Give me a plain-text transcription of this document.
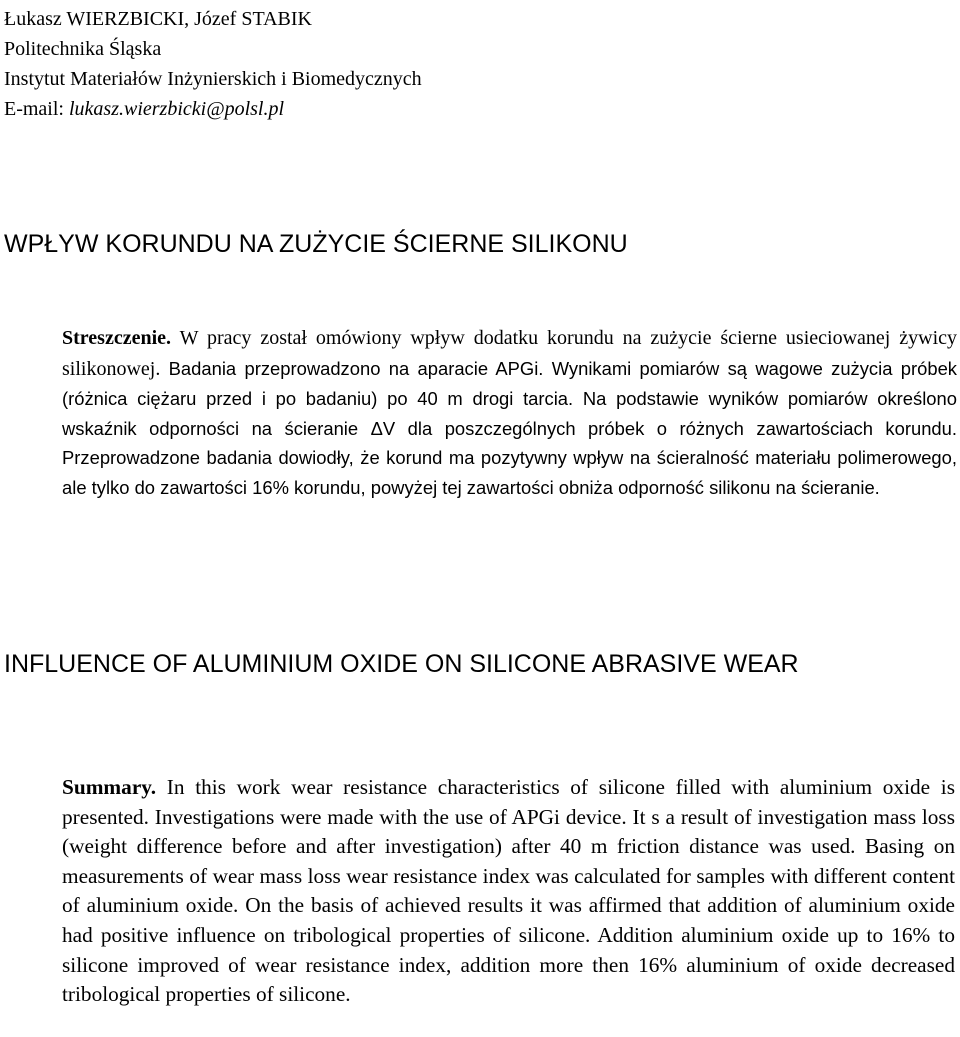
Łukasz WIERZBICKI, Józef STABIK
Politechnika Śląska
Instytut Materiałów Inżynierskich i Biomedycznych
E-mail: lukasz.wierzbicki@polsl.pl
WPŁYW KORUNDU NA ZUŻYCIE ŚCIERNE SILIKONU
Streszczenie. W pracy został omówiony wpływ dodatku korundu na zużycie ścierne usieciowanej żywicy silikonowej. Badania przeprowadzono na aparacie APGi. Wynikami pomiarów są wagowe zużycia próbek (różnica ciężaru przed i po badaniu) po 40 m drogi tarcia. Na podstawie wyników pomiarów określono wskaźnik odporności na ścieranie ΔV dla poszczególnych próbek o różnych zawartościach korundu. Przeprowadzone badania dowiodły, że korund ma pozytywny wpływ na ścieralność materiału polimerowego, ale tylko do zawartości 16% korundu, powyżej tej zawartości obniża odporność silikonu na ścieranie.
INFLUENCE OF ALUMINIUM OXIDE ON SILICONE ABRASIVE WEAR
Summary. In this work wear resistance characteristics of silicone filled with aluminium oxide is presented. Investigations were made with the use of APGi device. It s a result of investigation mass loss (weight difference before and after investigation) after 40 m friction distance was used. Basing on measurements of wear mass loss wear resistance index was calculated for samples with different content of aluminium oxide. On the basis of achieved results it was affirmed that addition of aluminium oxide had positive influence on tribological properties of silicone. Addition aluminium oxide up to 16% to silicone improved of wear resistance index, addition more then 16% aluminium of oxide decreased tribological properties of silicone.
